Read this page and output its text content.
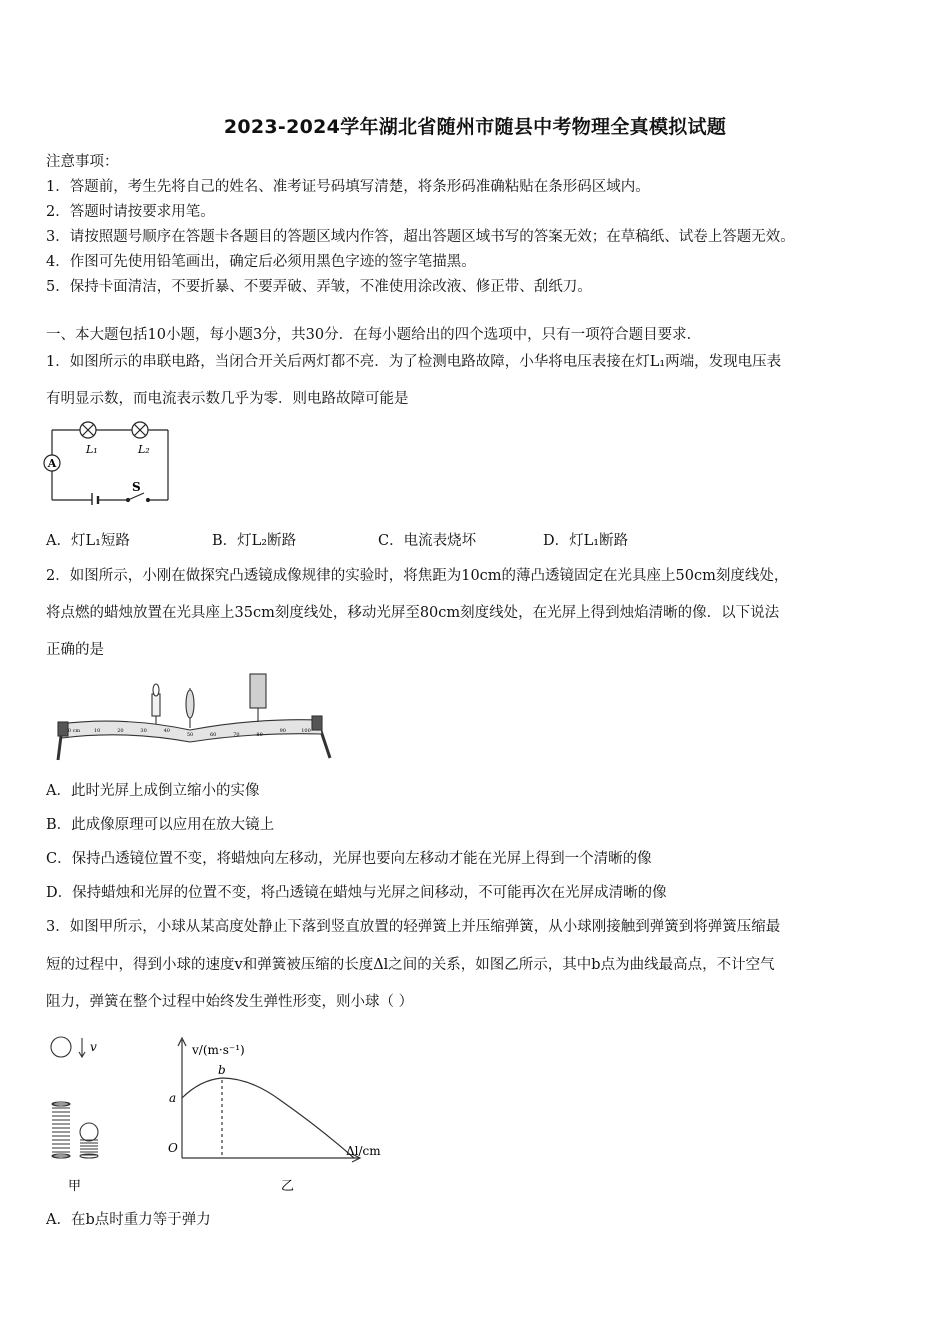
2023-2024学年湖北省随州市随县中考物理全真模拟试题
注意事项：
1．答题前，考生先将自己的姓名、准考证号码填写清楚，将条形码准确粘贴在条形码区域内。
2．答题时请按要求用笔。
3．请按照题号顺序在答题卡各题目的答题区域内作答，超出答题区域书写的答案无效；在草稿纸、试卷上答题无效。
4．作图可先使用铅笔画出，确定后必须用黑色字迹的签字笔描黑。
5．保持卡面清洁，不要折暴、不要弄破、弄皱，不准使用涂改液、修正带、刮纸刀。
一、本大题包括10小题，每小题3分，共30分．在每小题给出的四个选项中，只有一项符合题目要求．
1．如图所示的串联电路，当闭合开关后两灯都不亮．为了检测电路故障，小华将电压表接在灯L₁两端，发现电压表
有明显示数，而电流表示数几乎为零．则电路故障可能是
A
L₁	L₂
S
A．灯L₁短路	B．灯L₂断路	C．电流表烧坏	D．灯L₁断路
2．如图所示，小刚在做探究凸透镜成像规律的实验时，将焦距为10cm的薄凸透镜固定在光具座上50cm刻度线处，
将点燃的蜡烛放置在光具座上35cm刻度线处，移动光屏至80cm刻度线处，在光屏上得到烛焰清晰的像．以下说法
正确的是
0 cm	10	20	30	40
50	60	70	80
90	100
A．此时光屏上成倒立缩小的实像
B．此成像原理可以应用在放大镜上
C．保持凸透镜位置不变，将蜡烛向左移动，光屏也要向左移动才能在光屏上得到一个清晰的像
D．保持蜡烛和光屏的位置不变，将凸透镜在蜡烛与光屏之间移动，不可能再次在光屏成清晰的像
3．如图甲所示，小球从某高度处静止下落到竖直放置的轻弹簧上并压缩弹簧，从小球刚接触到弹簧到将弹簧压缩最
短的过程中，得到小球的速度v和弹簧被压缩的长度Δl之间的关系，如图乙所示，其中b点为曲线最高点，不计空气
阻力，弹簧在整个过程中始终发生弹性形变，则小球（ ）
v
甲
v/(m·s⁻¹)
Δl/cm
O
a
b
乙
A．在b点时重力等于弹力
